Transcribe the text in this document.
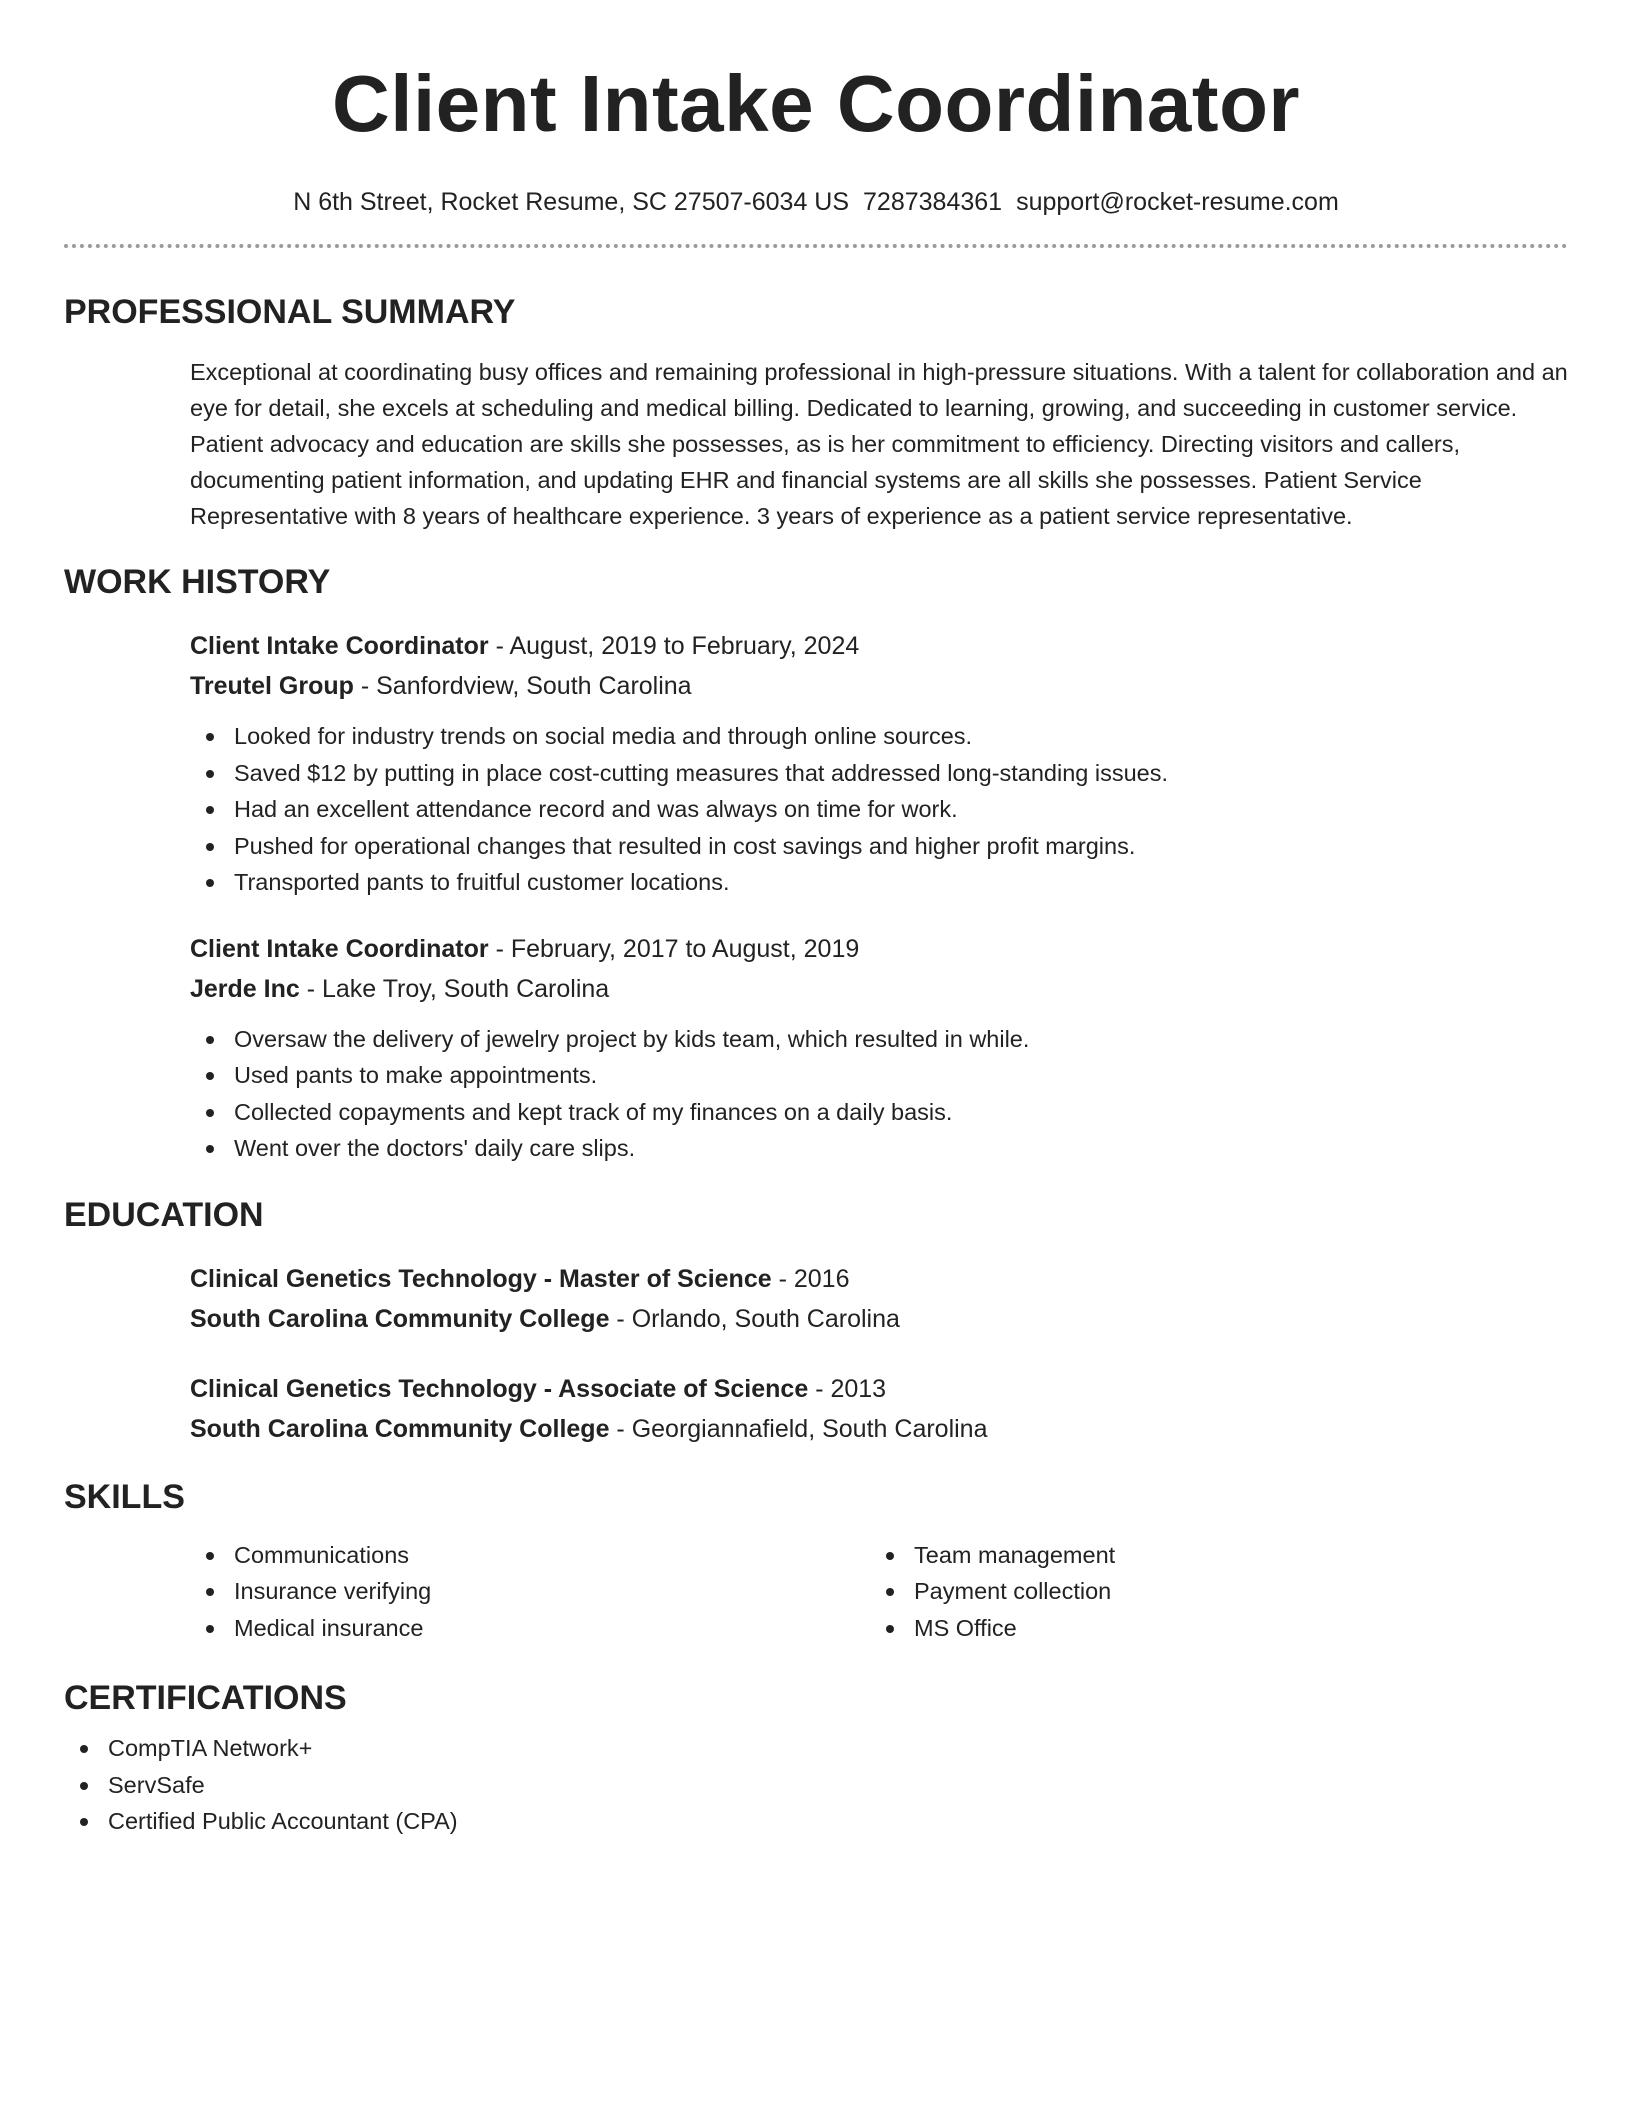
Client Intake Coordinator
N 6th Street, Rocket Resume, SC 27507-6034 US 7287384361 support@rocket-resume.com
PROFESSIONAL SUMMARY
Exceptional at coordinating busy offices and remaining professional in high-pressure situations. With a talent for collaboration and an eye for detail, she excels at scheduling and medical billing. Dedicated to learning, growing, and succeeding in customer service. Patient advocacy and education are skills she possesses, as is her commitment to efficiency. Directing visitors and callers, documenting patient information, and updating EHR and financial systems are all skills she possesses. Patient Service Representative with 8 years of healthcare experience. 3 years of experience as a patient service representative.
WORK HISTORY
Client Intake Coordinator - August, 2019 to February, 2024
Treutel Group - Sanfordview, South Carolina
Looked for industry trends on social media and through online sources.
Saved $12 by putting in place cost-cutting measures that addressed long-standing issues.
Had an excellent attendance record and was always on time for work.
Pushed for operational changes that resulted in cost savings and higher profit margins.
Transported pants to fruitful customer locations.
Client Intake Coordinator - February, 2017 to August, 2019
Jerde Inc - Lake Troy, South Carolina
Oversaw the delivery of jewelry project by kids team, which resulted in while.
Used pants to make appointments.
Collected copayments and kept track of my finances on a daily basis.
Went over the doctors' daily care slips.
EDUCATION
Clinical Genetics Technology - Master of Science - 2016
South Carolina Community College - Orlando, South Carolina
Clinical Genetics Technology - Associate of Science - 2013
South Carolina Community College - Georgiannafield, South Carolina
SKILLS
Communications
Insurance verifying
Medical insurance
Team management
Payment collection
MS Office
CERTIFICATIONS
CompTIA Network+
ServSafe
Certified Public Accountant (CPA)
